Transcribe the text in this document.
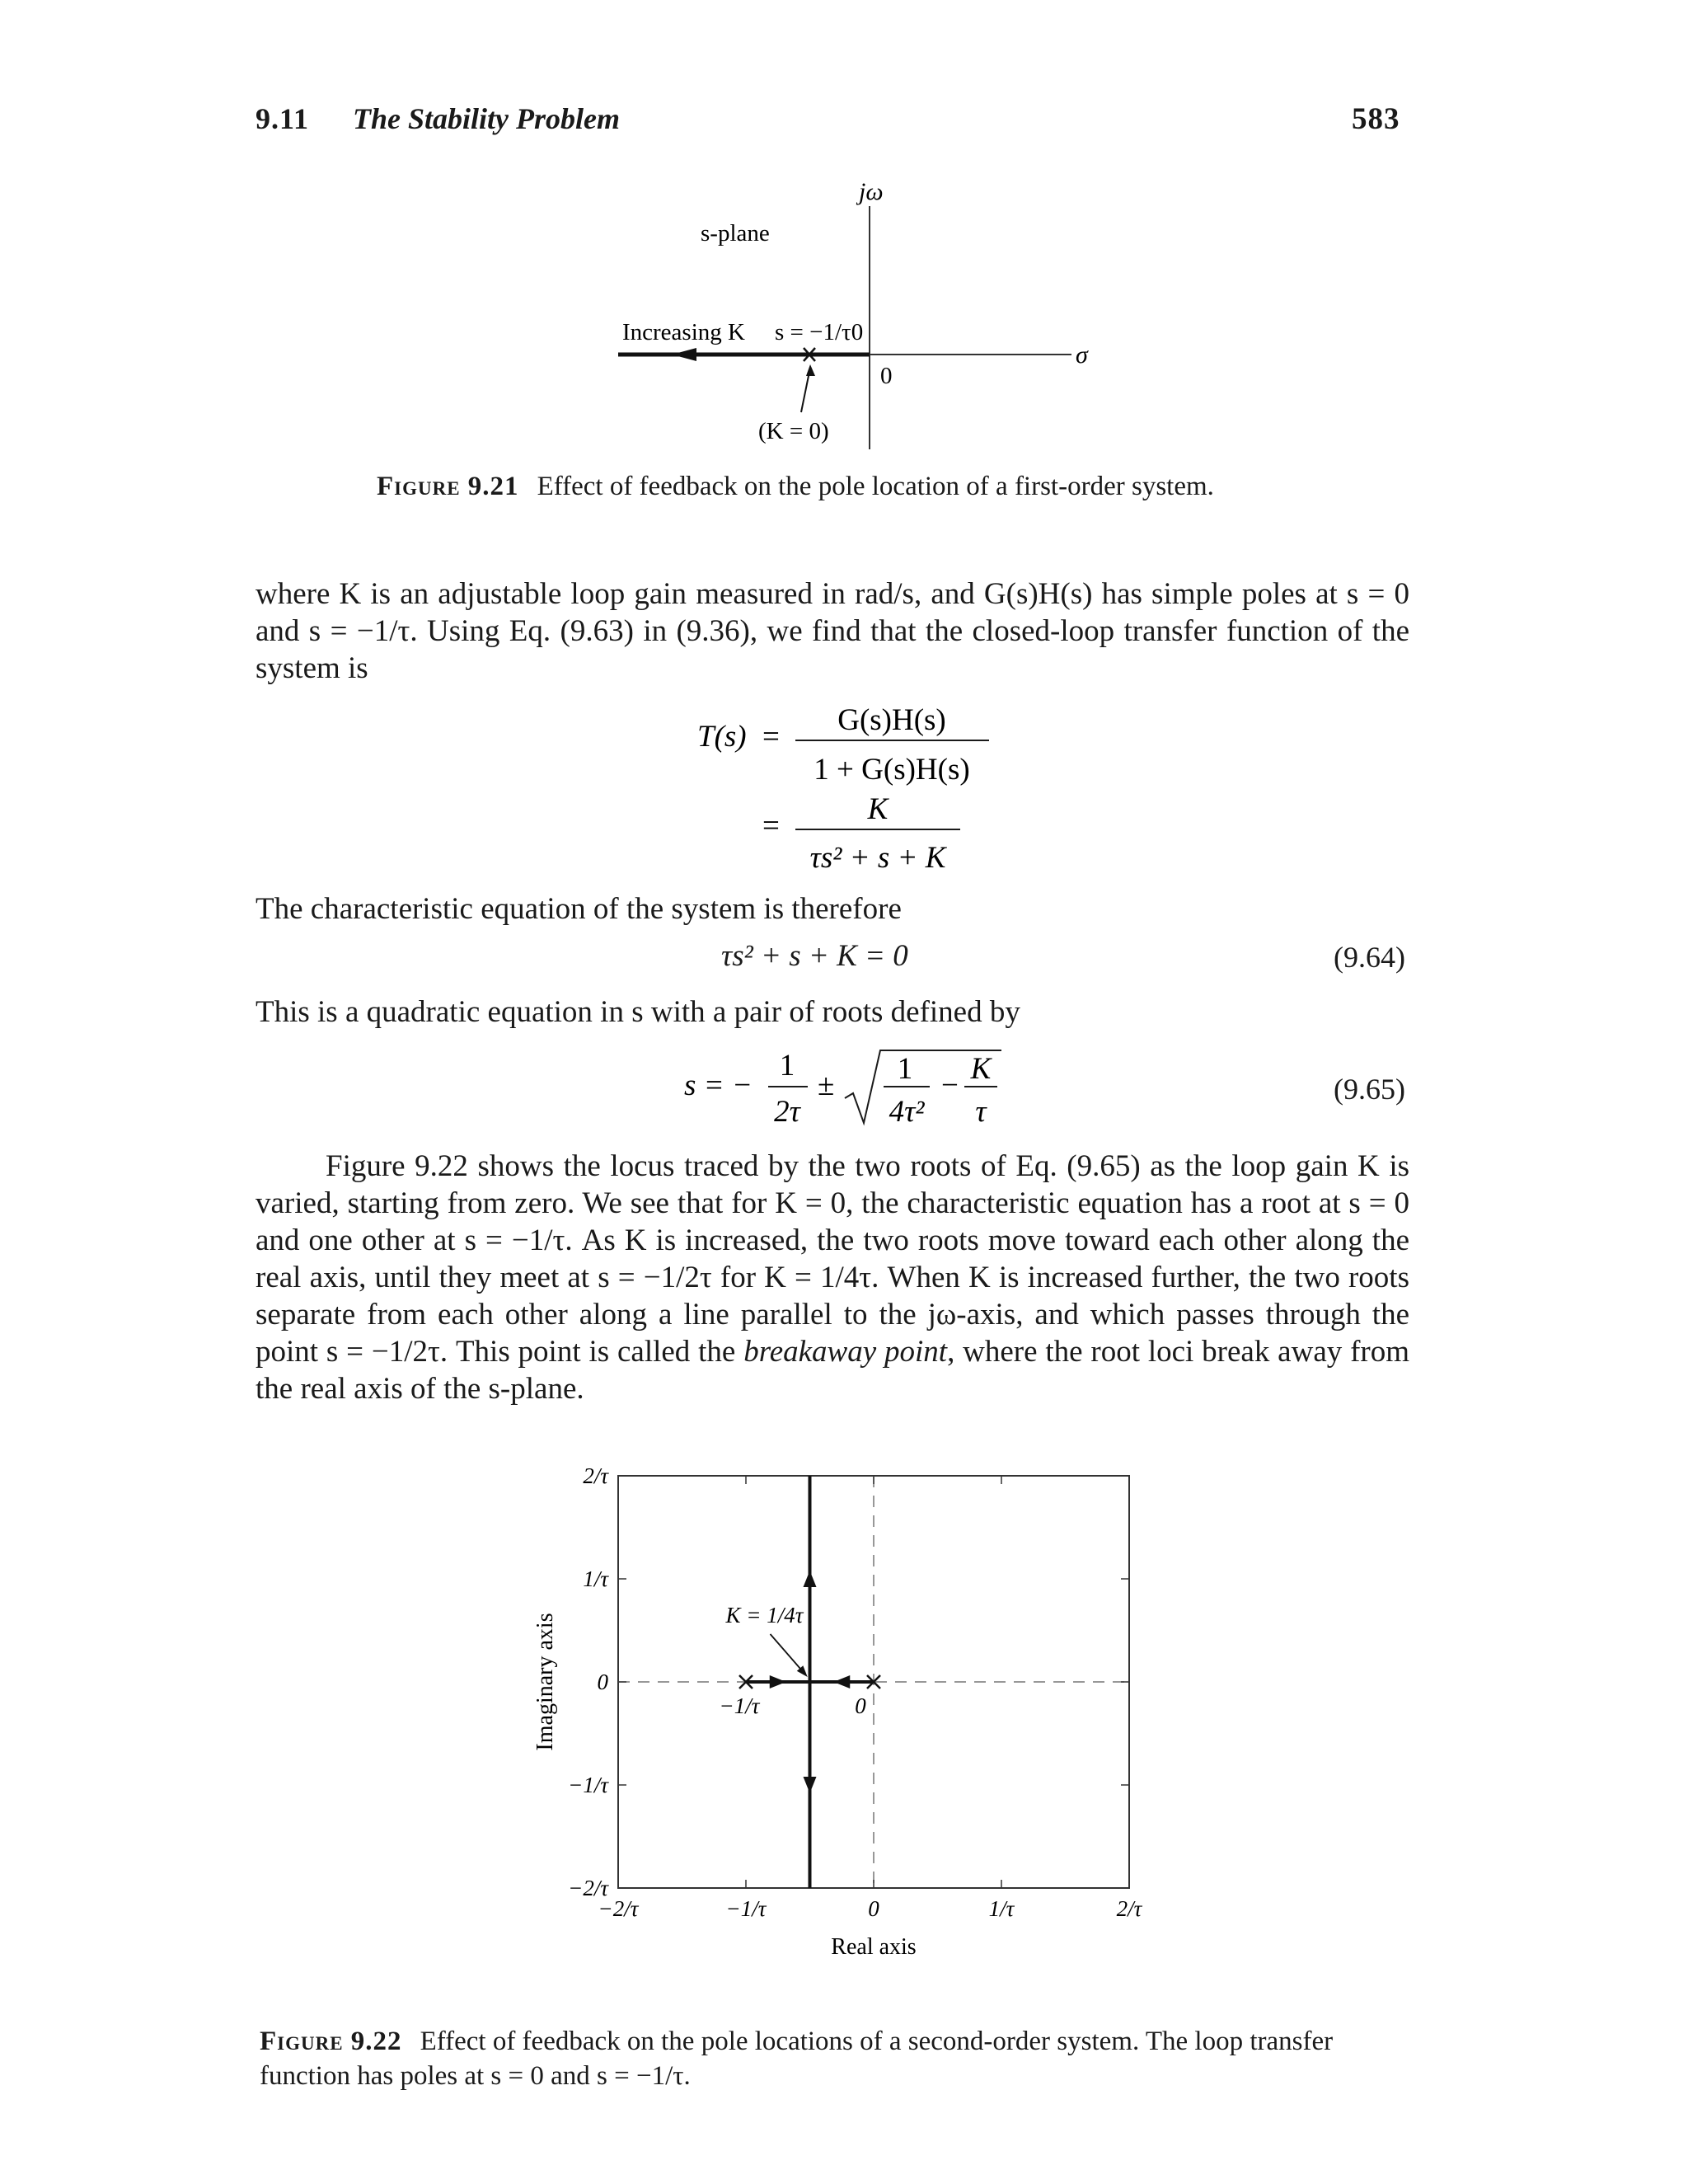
9.11 The Stability Problem	583
jω
σ
s-plane
Increasing K s = −1/τ0
0
(K = 0)
Figure 9.21 Effect of feedback on the pole location of a first-order system.

where K is an adjustable loop gain measured in rad/s, and G(s)H(s) has simple poles at s = 0 and s = −1/τ. Using Eq. (9.63) in (9.36), we find that the closed-loop transfer function of the system is

T(s) = G(s)H(s)
1 + G(s)H(s)
=	K
τs² + s + K

The characteristic equation of the system is therefore

τs² + s + K = 0	(9.64)

This is a quadratic equation in s with a pair of roots defined by

s = −
1
2τ
± 1
4τ²
− K
τ
(9.65)

Figure 9.22 shows the locus traced by the two roots of Eq. (9.65) as the loop gain K is varied, starting from zero. We see that for K = 0, the characteristic equation has a root at s = 0 and one other at s = −1/τ. As K is increased, the two roots move toward each other along the real axis, until they meet at s = −1/2τ for K = 1/4τ. When K is increased further, the two roots separate from each other along a line parallel to the jω-axis, and which passes through the point s = −1/2τ. This point is called the breakaway point, where the root loci break away from the real axis of the s-plane.

−2/τ	−1/τ	0	1/τ	2/τ
−2/τ
−1/τ
0
1/τ
2/τ
Real axis
Imaginary axis	−1/τ	0
K = 1/4τ
Figure 9.22 Effect of feedback on the pole locations of a second-order system. The loop transfer function has poles at s = 0 and s = −1/τ.
